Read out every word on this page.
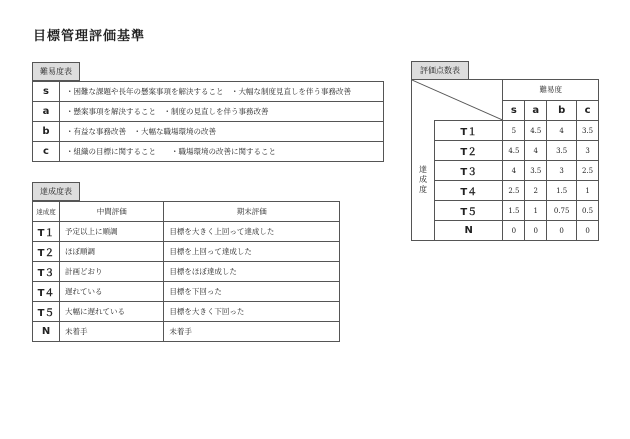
目標管理評価基準
難易度表
s	・困難な課題や長年の懸案事項を解決すること　・大幅な制度見直しを伴う事務改善
a	・懸案事項を解決すること　・制度の見直しを伴う事務改善
b	・有益な事務改善　・大幅な職場環境の改善
c	・組織の目標に関すること　　・職場環境の改善に関すること
達成度表
達成度	中間評価	期末評価
T１	予定以上に順調	目標を大きく上回って達成した
T２	ほぼ順調	目標を上回って達成した
T３	計画どおり	目標をほぼ達成した
T４	遅れている	目標を下回った
T５	大幅に遅れている	目標を大きく下回った
N	未着手	未着手
評価点数表
	難易度			
		s	a	b	c

達成度	T１	5	4.5	4	3.5
	T２	4.5	4	3.5	3
	T３	4	3.5	3	2.5
	T４	2.5	2	1.5	1
	T５	1.5	1	0.75	0.5
	N	0	0	0	0
